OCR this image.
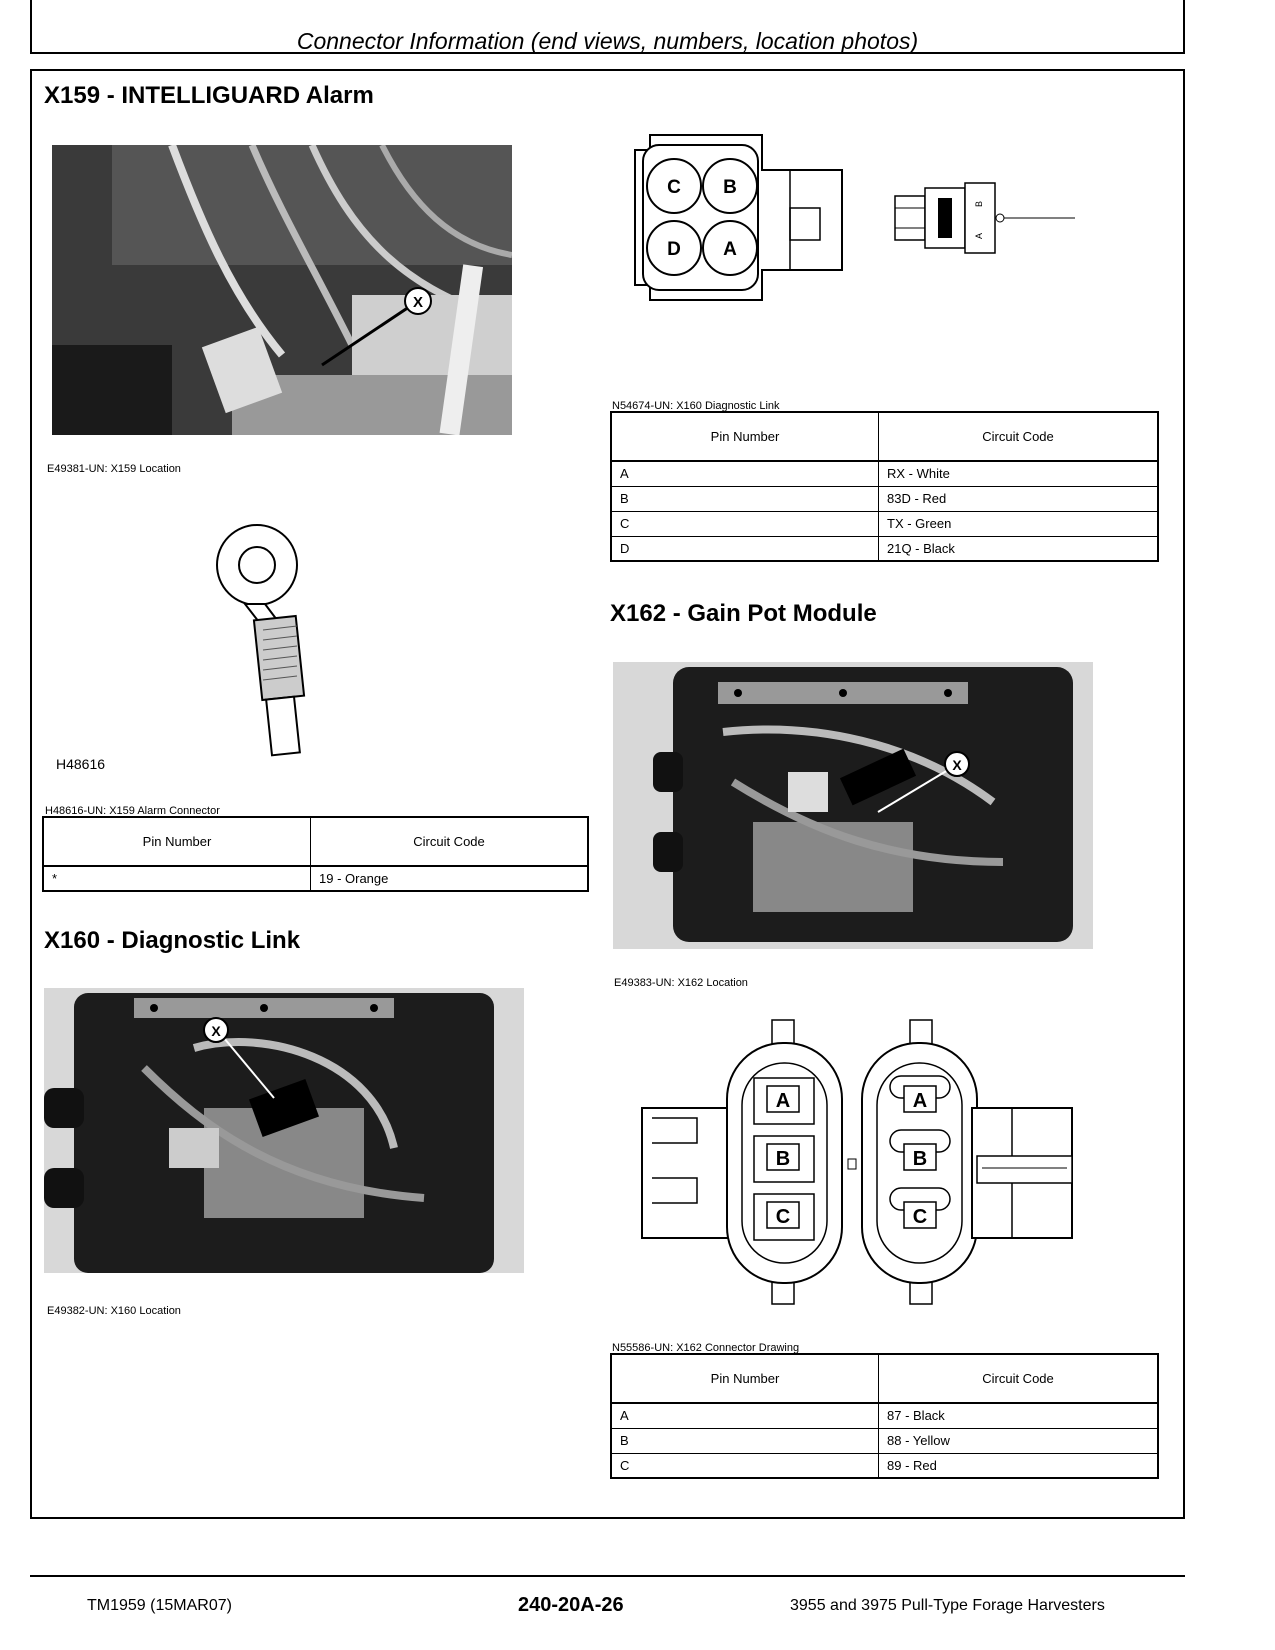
Connector Information (end views, numbers, location photos)
X159 - INTELLIGUARD Alarm
X
E49381-UN: X159 Location
H48616
H48616-UN: X159 Alarm Connector
Pin Number	Circuit Code
*	19 - Orange
X160 - Diagnostic Link
X
E49382-UN: X160 Location
C B
D A
B
A
N54674-UN: X160 Diagnostic Link
Pin Number	Circuit Code
A	RX - White
B	83D - Red
C	TX - Green
D	21Q - Black
X162 - Gain Pot Module
X
E49383-UN: X162 Location
A
B
C
A
B
C
N55586-UN: X162 Connector Drawing
Pin Number	Circuit Code
A	87 - Black
B	88 - Yellow
C	89 - Red
TM1959 (15MAR07)	240-20A-26	3955 and 3975 Pull-Type Forage Harvesters
